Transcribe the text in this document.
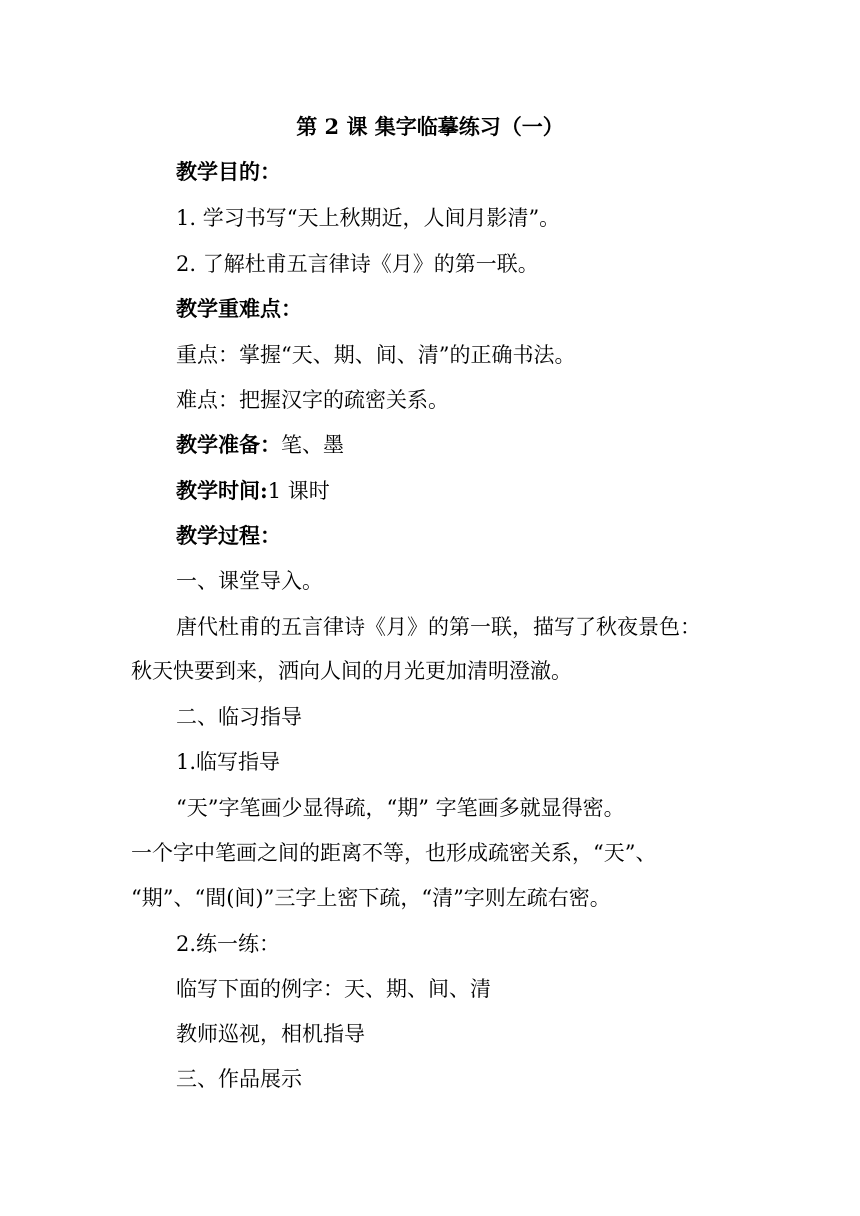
第 2 课 集字临摹练习（一）
教学目的：
1. 学习书写“天上秋期近，人间月影清”。
2. 了解杜甫五言律诗《月》的第一联。
教学重难点：
重点：掌握“天、期、间、清”的正确书法。
难点：把握汉字的疏密关系。
教学准备：笔、墨
教学时间:1 课时
教学过程：
一、课堂导入。
唐代杜甫的五言律诗《月》的第一联，描写了秋夜景色：
秋天快要到来，洒向人间的月光更加清明澄澈。
二、临习指导
1.临写指导
“天”字笔画少显得疏，“期” 字笔画多就显得密。
一个字中笔画之间的距离不等，也形成疏密关系，“天”、
“期”、“間(间)”三字上密下疏，“清”字则左疏右密。
2.练一练：
临写下面的例字：天、期、间、清
教师巡视，相机指导
三、作品展示
